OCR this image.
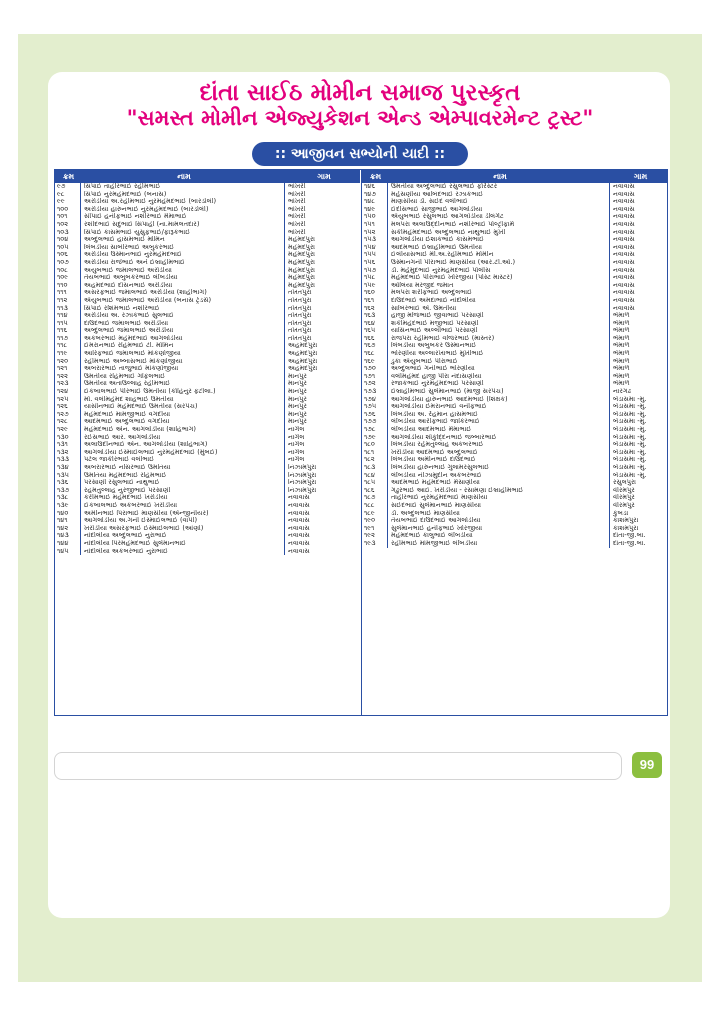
દાંતા સાઈઠ મોમીન સમાજ પુરસ્કૃત
"સમસ્ત મોમીન એજ્યુકેશન એન્ડ એમ્પાવરમેન્ટ ટ્રસ્ટ"
:: આજીવન સભ્યોની યાદી ::
ક્રમ	નામ	ગામ
૯૭	સિપાઈ તાહીરભાઈ રહીમભાઈ	ભાંખરી
૯૮	સિપાઈ નુરમહંમદભાઈ (બનાસ)	ભાંખરી
૯૯	અરોડીયા અ.રહીમભાઈ નુરમહંમદભાઈ (બારડોલી)	ભાંખરી
૧૦૦	અરોડીયા હારુનભાઈ નુરમહંમદભાઈ (બારડોલી)	ભાંખરી
૧૦૧	સીપાઈ હનીફભાઈ નશીરભાઈ મેમાભાઈ	ભાંખરી
૧૦૨	રશીદભાઈ સદુભાઈ સિપાહી (ના.મામલતદાર)	ભાંખરી
૧૦૩	સિપાઈ કાસમભાઈ યુસુફભાઈ/ફારૂકભાઈ	ભાંખરી
૧૦૪	અબ્દુલભાઈ હાસમભાઈ મોમિન	મહંમદપુરા
૧૦૫	લિંબડીયા સાબીરભાઈ અબુકરભાઈ	મહંમદપુરા
૧૦૬	અરોડીયા ઉસ્માનભાઈ નુરમહંમદભાઈ	મહંમદપુરા
૧૦૭	અરોડીયા રાજેભાઈ અને ઈબ્રાહીમભાઈ	મહંમદપુરા
૧૦૮	અયુબભાઈ જમાલભાઈ અરોડીયા	મહંમદપુરા
૧૦૯	તૈયબભાઈ અબુબકરભાઈ લીંબડીયા	મહંમદપુરા
૧૧૦	અહમદભાઈ દોસનભાઈ અરોડીયા	મહંમદપુરા
૧૧૧	અસરફભાઈ જમાલભાઈ અરોડીયા (શાહીભાગ)	તખતપુરા
૧૧૨	ઐયુબભાઈ જમાલભાઈ અરોડીયા (બનાસ ટ્રેડર્સ)	તખતપુરા
૧૧૩	સિપાઈ રશિમભાઈ નશીરભાઈ	તખતપુરા
૧૧૪	અરોડીયા અ. રઝાકભાઈ સુલભાઈ	તખતપુરા
૧૧૫	દાઉદભાઈ જમાલભાઈ અરોડીયા	તખતપુરા
૧૧૬	અબ્દુલભાઈ જમાલભાઈ અરોડીયા	તખતપુરા
૧૧૭	અકબરભાઈ મહંમદભાઈ આગલોડીયા	તખતપુરા
૧૧૮	ઈમરાનભાઈ રહિમભાઈ ટી. મોમિન	અહમદપુરા
૧૧૯	આરિફભાઈ જમાલભાઈ માંકણોજીયા	અહમદપુરા
૧૨૦	રહીમભાઈ અબ્બાસભાઈ માંકણોજીયા	અહમદપુરા
૧૨૧	અબરારભાઈ તાજુભાઈ માંકણોજીયા	અહમદપુરા
૧૨૨	ઉમતીયા રહિમભાઈ ગફિલભાઈ	માનપુર
૧૨૩	ઉમતીયા અતાઉલ્લાહ રહીમભાઈ	માનપુર
૧૨૪	ઈકબાલભાઈ પીરભાઈ ઉમતીયા (કોહિનુર ફર્ટીલા.)	માનપુર
૧૨૫	મો. વલીમહંમદ શાહભાઈ ઉમતીયા	માનપુર
૧૨૬	યાસીનભાઈ મહંમદભાઈ ઉમતીયા (સરપંચ)	માનપુર
૧૨૭	મહંમદભાઈ મામજીભાઈ વગદીયા	માનપુર
૧૨૮	આદમભાઈ અબ્દુલભાઈ વગદીયા	માનપુર
૧૨૯	મહંમદભાઈ એન. આગલોડીયા (શાહિભાગ)	નાગેલ
૧૩૦	રઈસભાઈ આર. આગલોડીયા	નાગેલ
૧૩૧	અલાઉદીનભાઈ એન. આગલોડીયા (શાહિભાગ)	નાગેલ
૧૩૨	આગલોડીયા ઈસ્માઈલભાઈ નુરમહંમદભાઈ (મુંબઈ)	નાગેલ
૧૩૩	પટેલ જાકીરભાઈ વલીભાઈ	નાગેલ
૧૩૪	અબરારભાઈ નસિરભાઈ ઉમતિયા	નિઝામપુરા
૧૩૫	ઉમતિયા મહંમદભાઈ રહિમભાઈ	નિઝામપુરા
૧૩૬	પરસાણી રસુલભાઈ નાથુભાઈ	નિઝામપુરા
૧૩૭	રહમતુલ્લાહ નુરજીભાઈ પરસાણી	નિઝામપુરા
૧૩૮	કરીમભાઈ મહંમદભાઈ ખરોડીયા	નવાવાસ
૧૩૯	ઈકબાલભાઈ અકબરભાઈ ખરોડીયા	નવાવાસ
૧૪૦	અમીનભાઈ પિરાભાઈ માણસીયા (એન્જીનીયર)	નવાવાસ
૧૪૧	આગલોડીયા અ.ગની ઈસ્માઈલભાઈ (વાપી)	નવાવાસ
૧૪૨	ખરોડીયા અસરફભાઈ ઈસ્માઈલભાઈ (આંણો)	નવાવાસ
૧૪૩	નાંદોલીયા અબ્દુલભાઈ નુરાભાઈ	નવાવાસ
૧૪૪	નાંદોલીયા પિરમહંમદભાઈ સુલેમાનભાઈ	નવાવાસ
૧૪૫	નાંદોલીયા અકબરભાઈ નુરાભાઈ	નવાવાસ
ક્રમ	નામ	ગામ
૧૪૬	ઉમતીયા અબ્દુલભાઈ રસુલભાઈ ફોરેસ્ટર	નવાવાસ
૧૪૭	મહેસણીયા આબિદભાઈ રઝાકભાઈ	નવાવાસ
૧૪૮	માણસીયા ડૉ. સઈદ વલીભાઈ	નવાવાસ
૧૪૯	ઈદીસભાઈ સાજીભાઈ આગલોડીયા	નવાવાસ
૧૫૦	ઐયુબભાઈ રસુલભાઈ આગલોડીયા ડેલિગેટ	નવાવાસ
૧૫૧	મલપરા અલાઉદ્દીનભાઈ નશીરભાઈ પોલ્ટ્રીફાર્મ	નવાવાસ
૧૫૨	સકીમહંમદભાઈ અબ્દુલભાઈ નાથુભાઈ મુખી	નવાવાસ
૧૫૩	આગલોડીયા ઈશાકભાઈ કાસમભાઈ	નવાવાસ
૧૫૪	આદમભાઈ ઈબ્રાહીમભાઈ ઉમતીયા	નવાવાસ
૧૫૫	ઈલીયાસભાઈ મી.અ.રહીમભાઈ મોમીન	નવાવાસ
૧૫૬	ઉસ્માનગની પીરાભાઈ માણસીયા (આર.ટી.ઓ.)	નવાવાસ
૧૫૭	ડૉ. મહેમુદભાઈ નુરમહમદભાઈ પોલીસ	નવાવાસ
૧૫૮	મહંમદભાઈ પીરાભાઈ ખોરજીયા (પોસ્ટ માસ્ટર)	નવાવાસ
૧૫૯	ઓલિયા મરજીદ જમાત	નવાવાસ
૧૬૦	મલપરા શરીફભાઈ અબ્દુલભાઈ	નવાવાસ
૧૬૧	દાઉદભાઈ અમદાભાઈ નાંદોલીયા	નવાવાસ
૧૬૨	સાબિરભાઈ એ. ઉમતીયા	નવાવાસ
૧૬૩	હાજી મજિભાઈ જીવાભાઈ પરસાણી	ભેમાળ
૧૬૪	શકીમહંદભાઈ મજીભાઈ પરસાણી	ભેમાળ
૧૬૫	યાસિનભાઈ અલ્લીભાઈ પરસાણી	ભેમાળ
૧૬૬	રાજપરા રહીમભાઈ વજિરભાઈ (માસ્તર)	ભેમાળ
૧૬૭	લિંબડીયા અબુબકર ઉસ્માનભાઈ	ભેમાળ
૧૬૮	ભોરણીયા અલ્લારખાભાઈ મુખીભાઈ	ભેમાળ
૧૬૯	ડુકા ઐયુબભાઈ પીરાભાઈ	ભેમાળ
૧૭૦	અબ્દુલભાઈ ગનીભાઈ ભોરણીયા	ભેમાળ
૧૭૧	વલીમહંમદ હાજી પીરા નંદાસણીયા	ભેમાળ
૧૭૨	રજાકભાઈ નુરમહંમદભાઈ પરસાણી	ભેમાળ
૧૭૩	ઈબ્રાહીમભાઈ સુલેમાનભાઈ (માજી સરપંચ)	નારગઢ
૧૭૪	આગલોડીયા હારુનભાઈ આદમભાઈ (શિક્ષક)	બેડાસમા -મુ.
૧૭૫	આગલોડીયા ઈમરાનભાઈ વનીફભાઈ	બેડાસમા -મુ.
૧૭૬	લિંબડીયા અ. રેહમાન હાસમભાઈ	બેડાસમા -મુ.
૧૭૭	લીંબડીયા આરીફભાઈ જાકિરભાઈ	બેડાસમા -મુ.
૧૭૮	લીંબડીયા આદમભાઈ મેમાભાઈ	બેડાસમા -મુ.
૧૭૯	આગલોડીયા શૌકુદ્દિનભાઈ જબ્બારભાઈ	બેડાસમા -મુ.
૧૮૦	લિંબડીયા રહેમતુલ્લાહ અકબરભાઈ	બેડાસમા -મુ.
૧૮૧	ખરોડીયા આદમભાઈ અબ્દુલભાઈ	બેડાસમા -મુ.
૧૮૨	લિંબડીયા અમીનભાઈ દાઉદભાઈ	બેડાસમા -મુ.
૧૮૩	લિંબડીયા હારુનભાઈ ગુલામરસુલભાઈ	બેડાસમા -મુ.
૧૮૪	લીંબડીયા નીઝામુદીન અકબરભાઈ	બેડાસમા -મુ.
૧૮૫	આદમભાઈ મહંમદભાઈ મેસાણીયા	રસુલપુરા
૧૮૬	ગઢુરભાઈ આઈ. ખરોડીયા - રસામણા ઈબ્રાહીમભાઈ	વીરમપુર
૧૮૭	તાહીરભાઈ નુરમહંમદભાઈ માણસીયા	વીરમપુર
૧૮૮	સઈદભાઈ સુલેમાનભાઈ માણસીયા	વીરમપુર
૧૮૯	ડૉ. અબ્દુલભાઈ માણસીયા	કુબડા
૧૯૦	તૈયબભાઈ દાઉદભાઈ આગલોડીયા	કાશમપુરા
૧૯૧	સુલેમાનભાઈ હનીફભાઈ ખોરજીયા	કાશમપુરા
૧૯૨	મહંમદભાઈ કાલુભાઈ લીંબડીયા	દાંતા-જી.બા.
૧૯૩	રહીમભાઈ માંમજીભાઈ લીંબડીયા	દાંતા-જી.બા.
99
